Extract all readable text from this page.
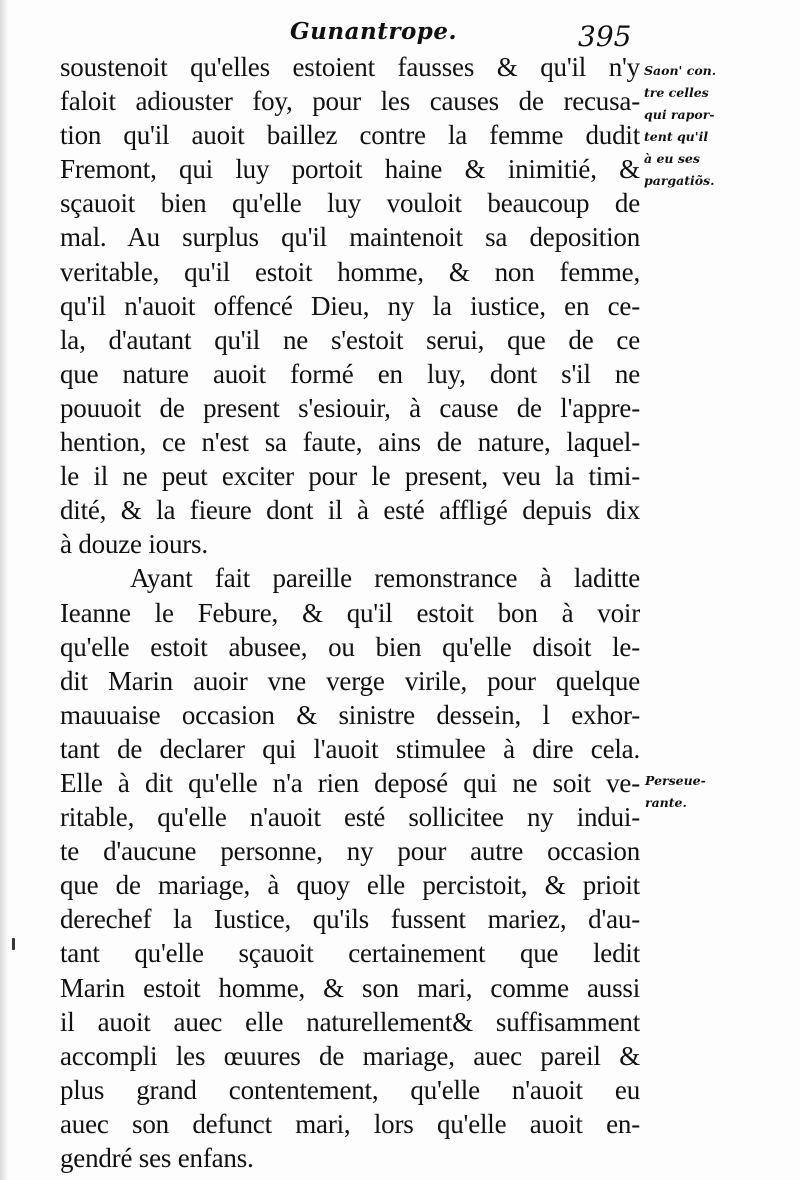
Gunantrope.	395
soustenoit qu'elles estoient fausses & qu'il n'y
faloit adiouster foy, pour les causes de recusa-
tion qu'il auoit baillez contre la femme dudit
Fremont, qui luy portoit haine & inimitié, &
sçauoit bien qu'elle luy vouloit beaucoup de
mal. Au surplus qu'il maintenoit sa deposition
veritable, qu'il estoit homme, & non femme,
qu'il n'auoit offencé Dieu, ny la iustice, en ce-
la, d'autant qu'il ne s'estoit serui, que de ce
que nature auoit formé en luy, dont s'il ne
pouuoit de present s'esiouir, à cause de l'appre-
hention, ce n'est sa faute, ains de nature, laquel-
le il ne peut exciter pour le present, veu la timi-
dité, & la fieure dont il à esté affligé depuis dix
à douze iours.
Ayant fait pareille remonstrance à laditte
Ieanne le Febure, & qu'il estoit bon à voir
qu'elle estoit abusee, ou bien qu'elle disoit le-
dit Marin auoir vne verge virile, pour quelque
mauuaise occasion & sinistre dessein, l exhor-
tant de declarer qui l'auoit stimulee à dire cela.
Elle à dit qu'elle n'a rien deposé qui ne soit ve-
ritable, qu'elle n'auoit esté sollicitee ny indui-
te d'aucune personne, ny pour autre occasion
que de mariage, à quoy elle percistoit, & prioit
derechef la Iustice, qu'ils fussent mariez, d'au-
tant qu'elle sçauoit certainement que ledit
Marin estoit homme, & son mari, comme aussi
il auoit auec elle naturellement& suffisamment
accompli les œuures de mariage, auec pareil &
plus grand contentement, qu'elle n'auoit eu
auec son defunct mari, lors qu'elle auoit en-
gendré ses enfans.
Saon' con.
tre celles
qui rapor-
tent qu'il
à eu ses
pargatiõs.
Perseue-
rante.
